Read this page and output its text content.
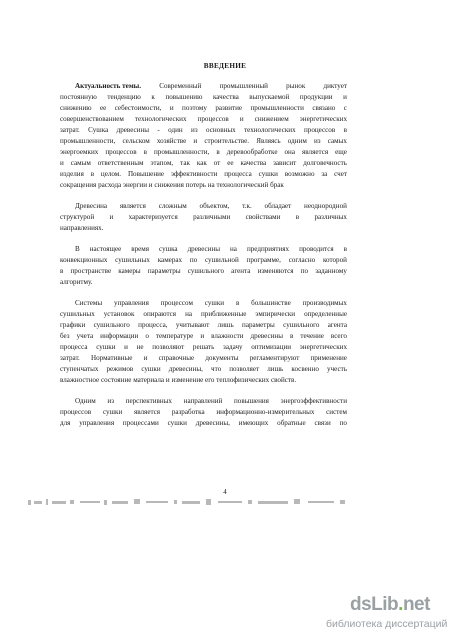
ВВЕДЕНИЕ
Актуальность темы.	Современный	промышленный	рынок	диктует
постоянную тенденцию к повышению качества выпускаемой продукции и
снижению ее себестоимости, и поэтому развитие промышленности связано с
совершенствованием технологических процессов и снижением энергетических
затрат. Сушка древесины - один из основных технологических процессов в
промышленности, сельском хозяйстве и строительстве. Являясь одним из самых
энергоемких процессов в промышленности, в деревообработке она является еще
и самым ответственным этапом, так как от ее качества зависит долговечность
изделия в целом. Повышение эффективности процесса сушки возможно за счет
сокращения расхода энергии и снижения потерь на технологический брак
Древесина является сложным объектом, т.к. обладает неоднородной
структурой и характеризуется различными свойствами в различных
направлениях.
В настоящее время сушка древесины на предприятиях проводится в
конвекционных сушильных камерах по сушильной программе, согласно которой
в пространстве камеры параметры сушильного агента изменяются по заданному
алгоритму.
Системы управления процессом сушки в большинстве производимых
сушильных установок опираются на приближенные эмпирически определенные
графики сушильного процесса, учитывают лишь параметры сушильного агента
без учета информации о температуре и влажности древесины в течение всего
процесса сушки и не позволяют решать задачу оптимизации энергетических
затрат. Нормативные и справочные документы регламентируют применение
ступенчатых режимов сушки древесины, что позволяет лишь косвенно учесть
влажностное состояние материала и изменение его теплофизических свойств.
Одним из перспективных направлений повышения энергоэффективности
процессов сушки является разработка информационно-измерительных систем
для управления процессами сушки древесины, имеющих обратные связи по
4
dsLib.net
библиотека диссертаций
